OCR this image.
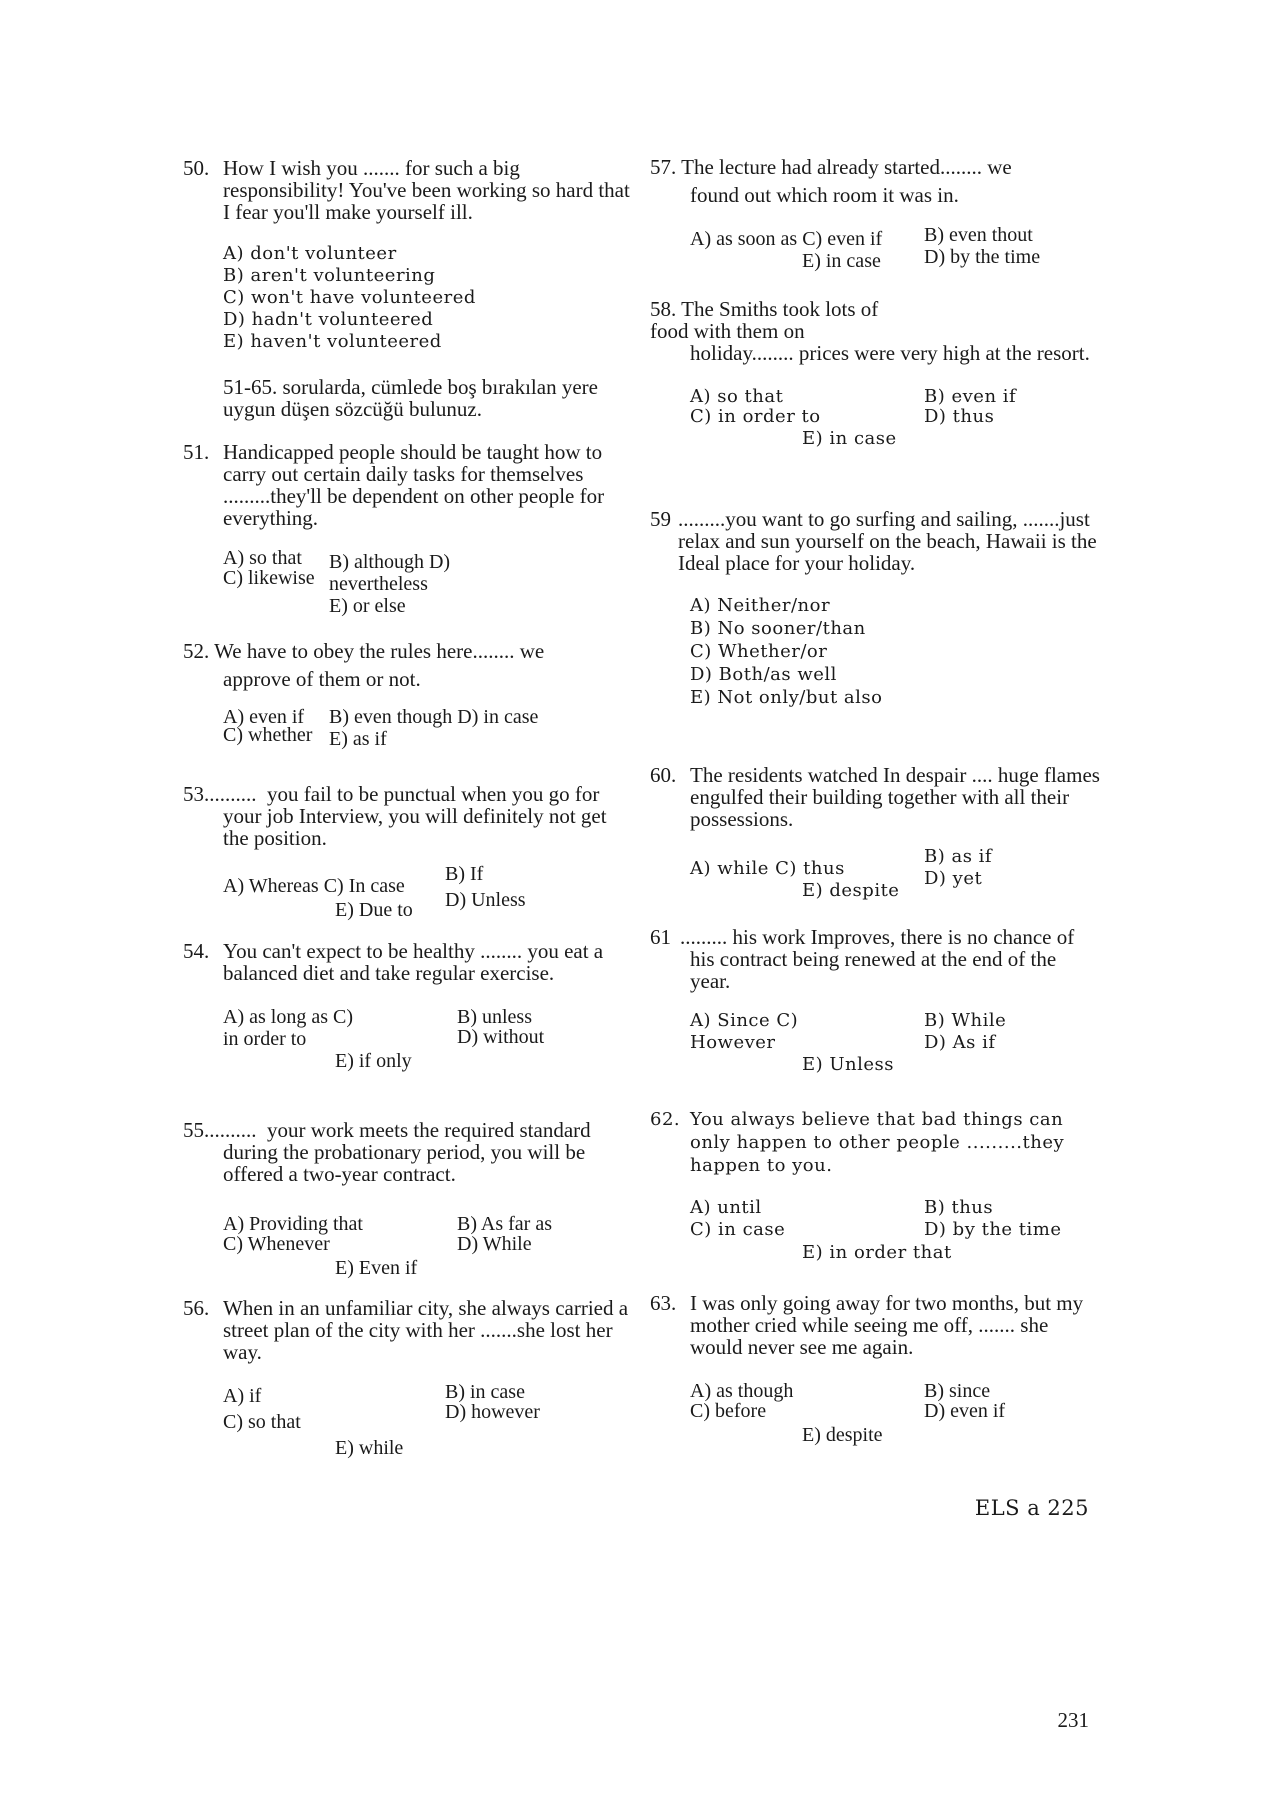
50. How I wish you ....... for such a big responsibility! You've been working so hard that I fear you'll make yourself ill.
A) don't volunteer
B) aren't volunteering
C) won't have volunteered
D) hadn't volunteered
E) haven't volunteered
51-65. sorularda, cümlede boş bırakılan yere uygun düşen sözcüğü bulunuz.
51. Handicapped people should be taught how to carry out certain daily tasks for themselves .........they'll be dependent on other people for everything.
A) so that
C) likewise
B) although D) nevertheless
E) or else
52. We have to obey the rules here........ we
approve of them or not.
A) even if
C) whether
B) even though D) in case
E) as if
53.......... you fail to be punctual when you go for your job Interview, you will definitely not get the position.
A) Whereas C) In case
E) Due to
B) If
D) Unless
54. You can't expect to be healthy ........ you eat a balanced diet and take regular exercise.
A) as long as C) in order to
B) unless
D) without
E) if only
55.......... your work meets the required standard during the probationary period, you will be offered a two-year contract.
A) Providing that
C) Whenever
B) As far as
D) While
E) Even if
56. When in an unfamiliar city, she always carried a street plan of the city with her .......she lost her way.
A) if
C) so that
B) in case
D) however
E) while
57. The lecture had already started........ we
found out which room it was in.
A) as soon as C) even if
E) in case
B) even thout
D) by the time
58. The Smiths took lots of
food with them on
holiday........ prices were very high at the resort.
A) so that
C) in order to
B) even if
D) thus
E) in case
59 .........you want to go surfing and sailing, .......just relax and sun yourself on the beach, Hawaii is the Ideal place for your holiday.
A) Neither/nor
B) No sooner/than
C) Whether/or
D) Both/as well
E) Not only/but also
60. The residents watched In despair .... huge flames engulfed their building together with all their possessions.
A) while C) thus
E) despite
B) as if
D) yet
61 ......... his work Improves, there is no chance of his contract being renewed at the end of the year.
A) Since C) However
B) While
D) As if
E) Unless
62. You always believe that bad things can only happen to other people .........they happen to you.
A) until
C) in case
B) thus
D) by the time
E) in order that
63. I was only going away for two months, but my mother cried while seeing me off, ....... she would never see me again.
A) as though
C) before
B) since
D) even if
E) despite
ELS a 225
231
